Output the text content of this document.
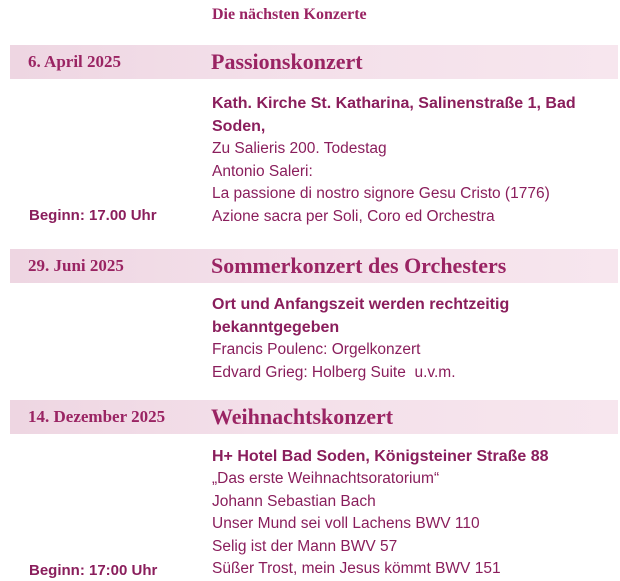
Die nächsten Konzerte
6. April 2025	Passionskonzert
Kath. Kirche St. Katharina, Salinenstraße 1, Bad Soden,
Zu Salieris 200. Todestag
Antonio Saleri:
La passione di nostro signore Gesu Cristo (1776)
Azione sacra per Soli, Coro ed Orchestra
Beginn: 17.00 Uhr
29. Juni 2025	Sommerkonzert des Orchesters
Ort und Anfangszeit werden rechtzeitig bekanntgegeben
Francis Poulenc: Orgelkonzert
Edvard Grieg: Holberg Suite  u.v.m.
14. Dezember 2025 Weihnachtskonzert
H+ Hotel Bad Soden, Königsteiner Straße 88
„Das erste Weihnachtsoratorium“
Johann Sebastian Bach
Unser Mund sei voll Lachens BWV 110
Selig ist der Mann BWV 57
Süßer Trost, mein Jesus kömmt BWV 151
Beginn: 17:00 Uhr
